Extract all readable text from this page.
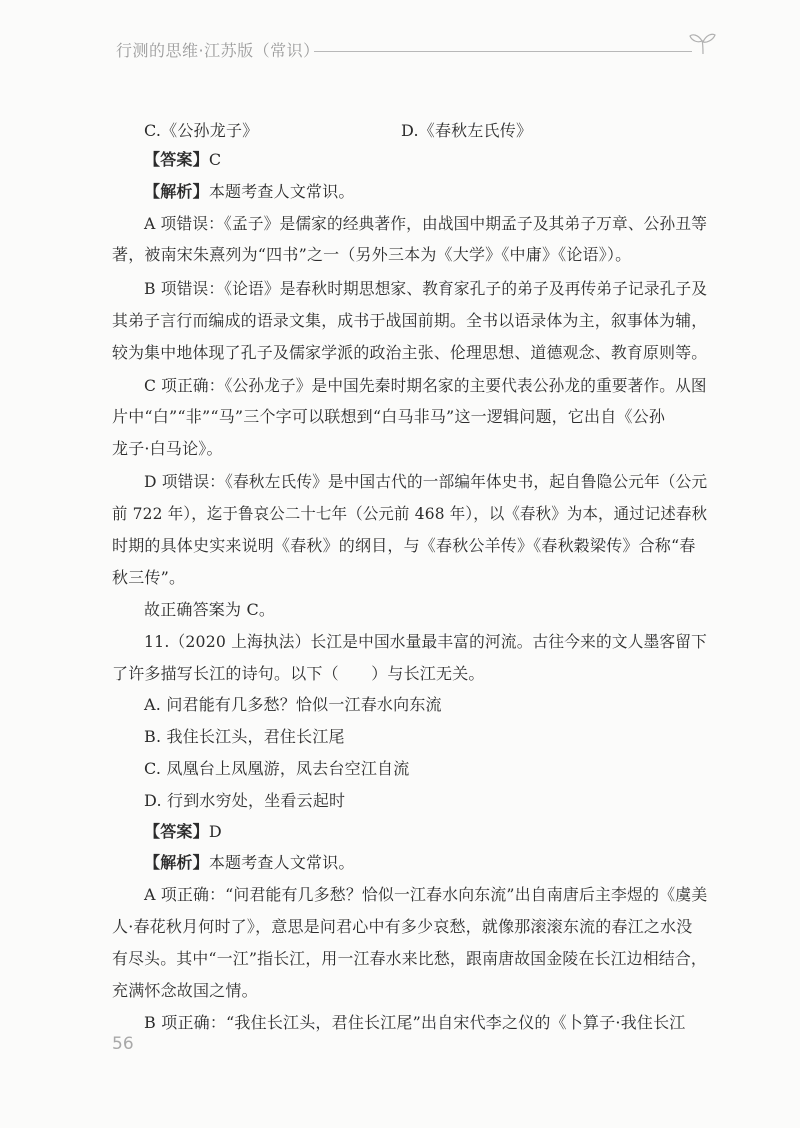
行测的思维·江苏版（常识）
C.《公孙龙子》	D.《春秋左氏传》
【答案】C
【解析】本题考查人文常识。
A 项错误：《孟子》是儒家的经典著作，由战国中期孟子及其弟子万章、公孙丑等
著，被南宋朱熹列为“四书”之一（另外三本为《大学》《中庸》《论语》）。
B 项错误：《论语》是春秋时期思想家、教育家孔子的弟子及再传弟子记录孔子及
其弟子言行而编成的语录文集，成书于战国前期。全书以语录体为主，叙事体为辅，
较为集中地体现了孔子及儒家学派的政治主张、伦理思想、道德观念、教育原则等。
C 项正确：《公孙龙子》是中国先秦时期名家的主要代表公孙龙的重要著作。从图
片中“白”“非”“马”三个字可以联想到“白马非马”这一逻辑问题，它出自《公孙
龙子·白马论》。
D 项错误：《春秋左氏传》是中国古代的一部编年体史书，起自鲁隐公元年（公元
前 722 年），迄于鲁哀公二十七年（公元前 468 年），以《春秋》为本，通过记述春秋
时期的具体史实来说明《春秋》的纲目，与《春秋公羊传》《春秋穀梁传》合称“春
秋三传”。
故正确答案为 C。
11.（2020 上海执法）长江是中国水量最丰富的河流。古往今来的文人墨客留下
了许多描写长江的诗句。以下（　　）与长江无关。
A. 问君能有几多愁？恰似一江春水向东流
B. 我住长江头，君住长江尾
C. 凤凰台上凤凰游，凤去台空江自流
D. 行到水穷处，坐看云起时
【答案】D
【解析】本题考查人文常识。
A 项正确：“问君能有几多愁？恰似一江春水向东流”出自南唐后主李煜的《虞美
人·春花秋月何时了》，意思是问君心中有多少哀愁，就像那滚滚东流的春江之水没
有尽头。其中“一江”指长江，用一江春水来比愁，跟南唐故国金陵在长江边相结合，
充满怀念故国之情。
B 项正确：“我住长江头，君住长江尾”出自宋代李之仪的《卜算子·我住长江
56
